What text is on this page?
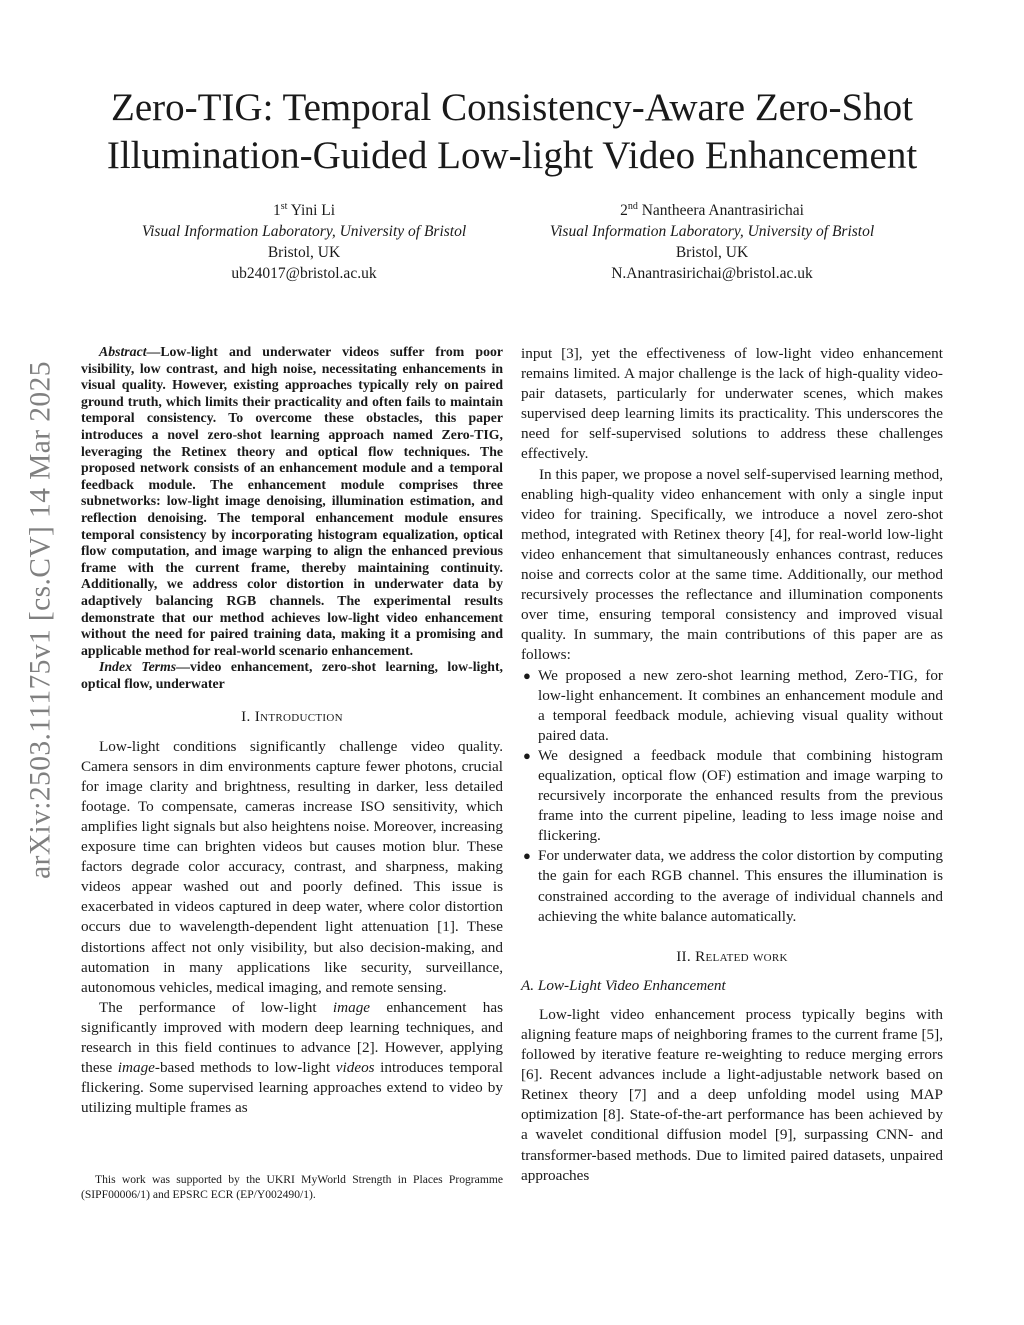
arXiv:2503.11175v1 [cs.CV] 14 Mar 2025
Zero-TIG: Temporal Consistency-Aware Zero-Shot
Illumination-Guided Low-light Video Enhancement
1st Yini Li
Visual Information Laboratory, University of Bristol
Bristol, UK
ub24017@bristol.ac.uk
2nd Nantheera Anantrasirichai
Visual Information Laboratory, University of Bristol
Bristol, UK
N.Anantrasirichai@bristol.ac.uk

Abstract—Low-light and underwater videos suffer from poor visibility, low contrast, and high noise, necessitating enhancements in visual quality. However, existing approaches typically rely on paired ground truth, which limits their practicality and often fails to maintain temporal consistency. To overcome these obstacles, this paper introduces a novel zero-shot learning approach named Zero-TIG, leveraging the Retinex theory and optical flow techniques. The proposed network consists of an enhancement module and a temporal feedback module. The enhancement module comprises three subnetworks: low-light image denoising, illumination estimation, and reflection denoising. The temporal enhancement module ensures temporal consistency by incorporating histogram equalization, optical flow computation, and image warping to align the enhanced previous frame with the current frame, thereby maintaining continuity. Additionally, we address color distortion in underwater data by adaptively balancing RGB channels. The experimental results demonstrate that our method achieves low-light video enhancement without the need for paired training data, making it a promising and applicable method for real-world scenario enhancement.

Index Terms—video enhancement, zero-shot learning, low-light, optical flow, underwater

I. Introduction

Low-light conditions significantly challenge video quality. Camera sensors in dim environments capture fewer photons, crucial for image clarity and brightness, resulting in darker, less detailed footage. To compensate, cameras increase ISO sensitivity, which amplifies light signals but also heightens noise. Moreover, increasing exposure time can brighten videos but causes motion blur. These factors degrade color accuracy, contrast, and sharpness, making videos appear washed out and poorly defined. This issue is exacerbated in videos captured in deep water, where color distortion occurs due to wavelength-dependent light attenuation [1]. These distortions affect not only visibility, but also decision-making, and automation in many applications like security, surveillance, autonomous vehicles, medical imaging, and remote sensing.

The performance of low-light image enhancement has significantly improved with modern deep learning techniques, and research in this field continues to advance [2]. However, applying these image-based methods to low-light videos introduces temporal flickering. Some supervised learning approaches extend to video by utilizing multiple frames as

This work was supported by the UKRI MyWorld Strength in Places Programme (SIPF00006/1) and EPSRC ECR (EP/Y002490/1).

input [3], yet the effectiveness of low-light video enhancement remains limited. A major challenge is the lack of high-quality video-pair datasets, particularly for underwater scenes, which makes supervised deep learning limits its practicality. This underscores the need for self-supervised solutions to address these challenges effectively.

In this paper, we propose a novel self-supervised learning method, enabling high-quality video enhancement with only a single input video for training. Specifically, we introduce a novel zero-shot method, integrated with Retinex theory [4], for real-world low-light video enhancement that simultaneously enhances contrast, reduces noise and corrects color at the same time. Additionally, our method recursively processes the reflectance and illumination components over time, ensuring temporal consistency and improved visual quality. In summary, the main contributions of this paper are as follows:

● We proposed a new zero-shot learning method, Zero-TIG, for low-light enhancement. It combines an enhancement module and a temporal feedback module, achieving visual quality without paired data.
● We designed a feedback module that combining histogram equalization, optical flow (OF) estimation and image warping to recursively incorporate the enhanced results from the previous frame into the current pipeline, leading to less image noise and flickering.
● For underwater data, we address the color distortion by computing the gain for each RGB channel. This ensures the illumination is constrained according to the average of individual channels and achieving the white balance automatically.
II. Related work
A. Low-Light Video Enhancement

Low-light video enhancement process typically begins with aligning feature maps of neighboring frames to the current frame [5], followed by iterative feature re-weighting to reduce merging errors [6]. Recent advances include a light-adjustable network based on Retinex theory [7] and a deep unfolding model using MAP optimization [8]. State-of-the-art performance has been achieved by a wavelet conditional diffusion model [9], surpassing CNN- and transformer-based methods. Due to limited paired datasets, unpaired approaches
